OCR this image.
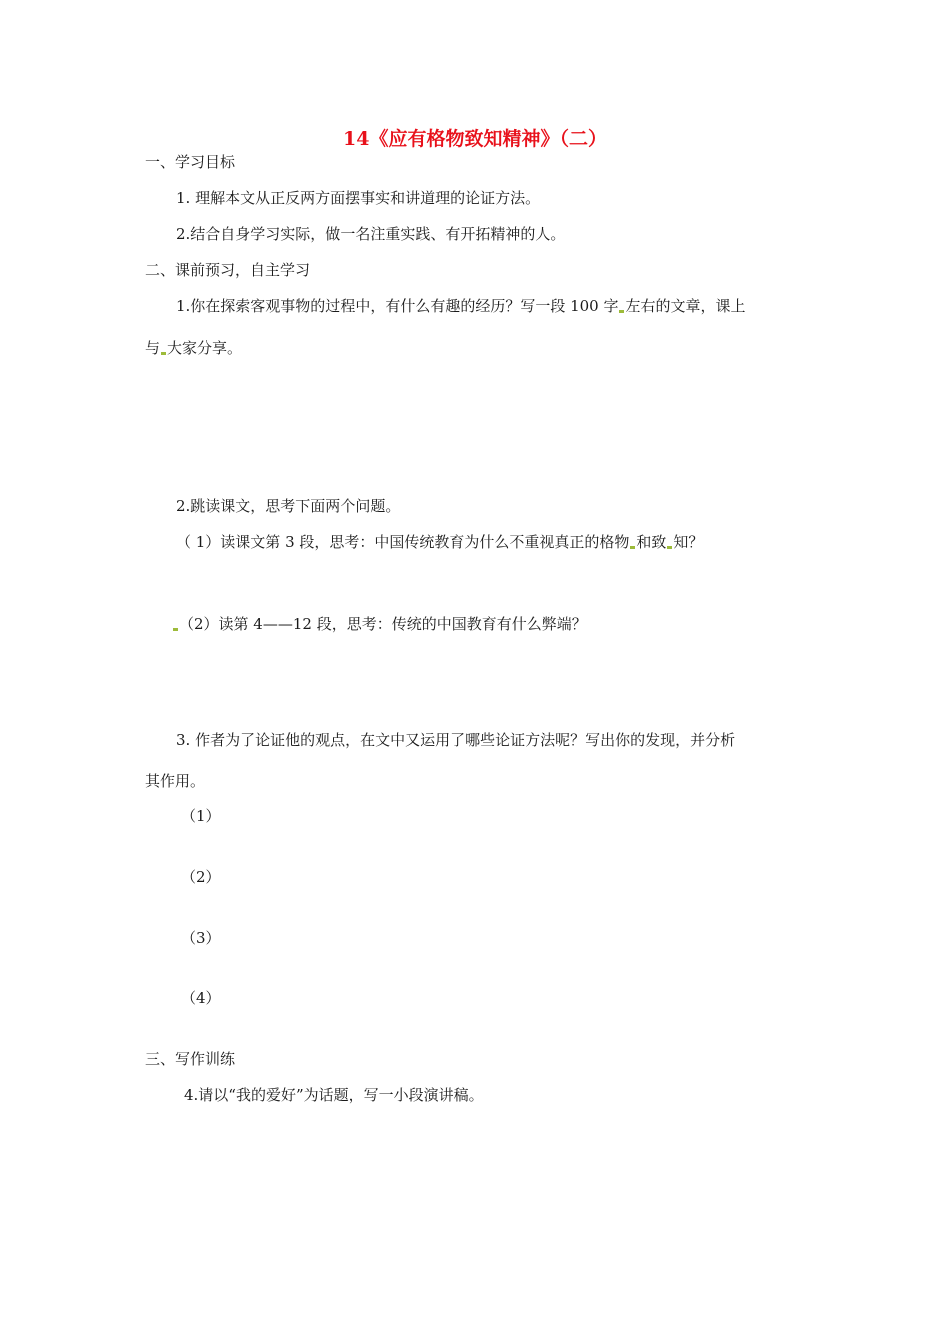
14《应有格物致知精神》（二）
一、学习目标
1. 理解本文从正反两方面摆事实和讲道理的论证方法。
2.结合自身学习实际，做一名注重实践、有开拓精神的人。
二、课前预习，自主学习
1.你在探索客观事物的过程中，有什么有趣的经历？写一段 100 字 左右的文章，课上
与 大家分享。
2.跳读课文，思考下面两个问题。
（ 1）读课文第 3 段，思考：中国传统教育为什么不重视真正的格物 和致 知？
（2）读第 4——12 段，思考：传统的中国教育有什么弊端？
3. 作者为了论证他的观点，在文中又运用了哪些论证方法呢？写出你的发现，并分析
其作用。
（1）
（2）
（3）
（4）
三、写作训练
4.请以“我的爱好”为话题，写一小段演讲稿。
